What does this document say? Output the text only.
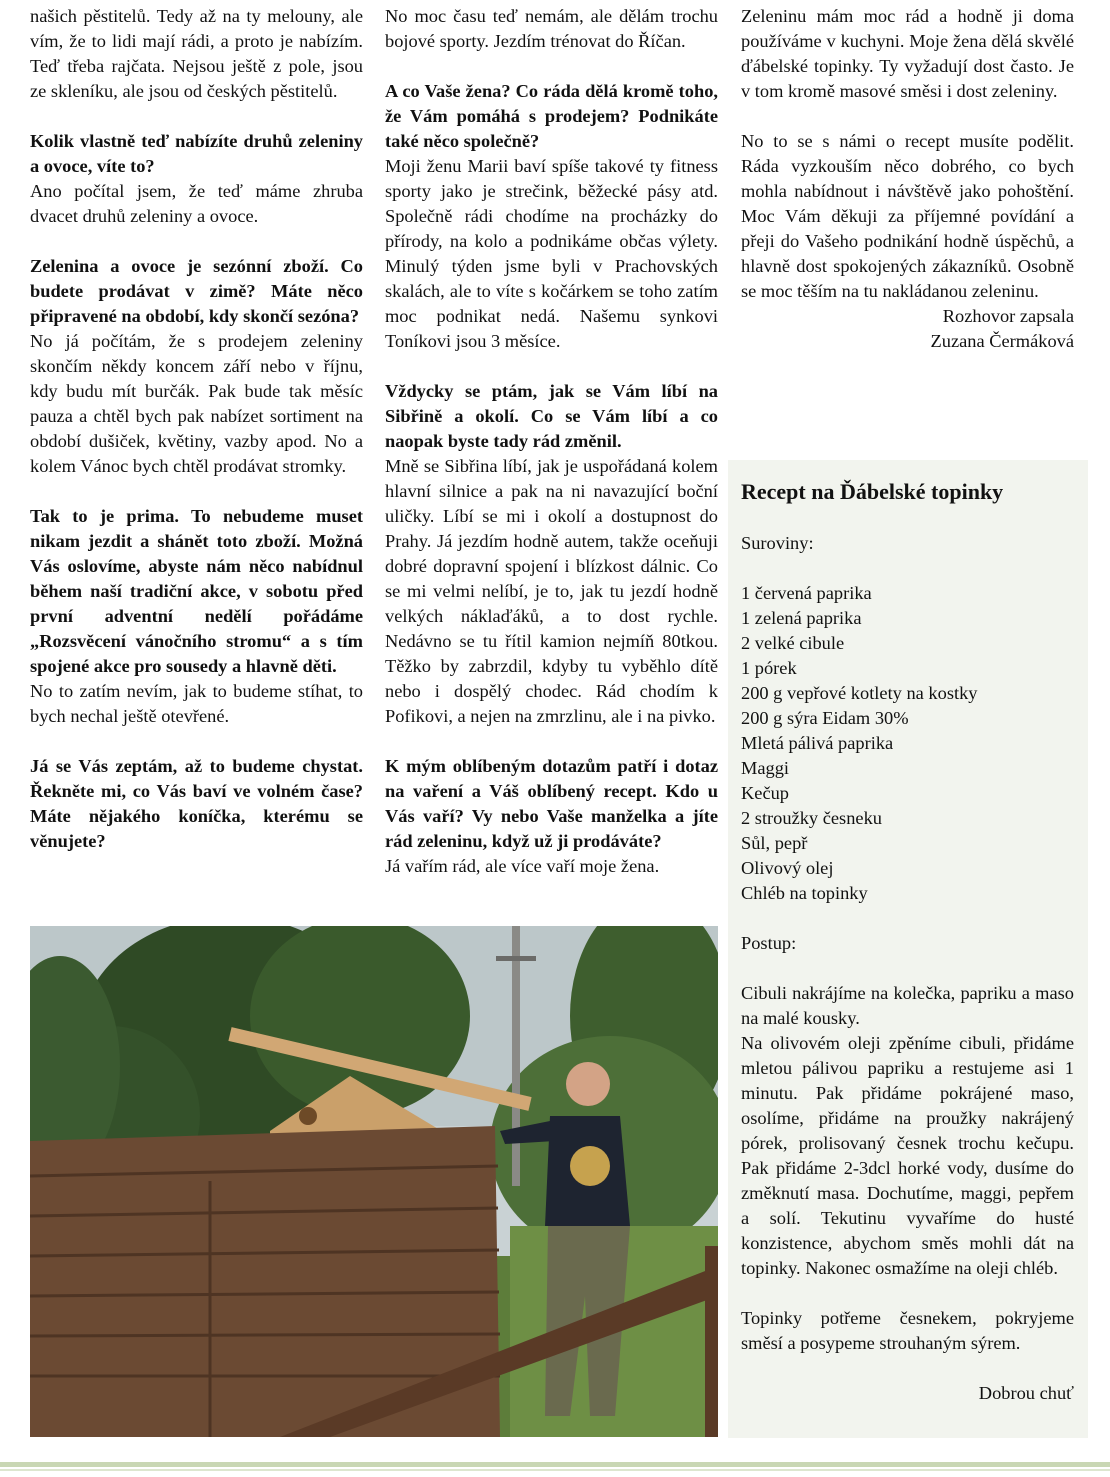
našich pěstitelů. Tedy až na ty melouny, ale vím, že to lidi mají rádi, a proto je nabízím. Teď třeba rajčata. Nejsou ještě z pole, jsou ze skleníku, ale jsou od českých pěstitelů.

Kolik vlastně teď nabízíte druhů zeleniny a ovoce, víte to?

Ano počítal jsem, že teď máme zhruba dvacet druhů zeleniny a ovoce.

Zelenina a ovoce je sezónní zboží. Co budete prodávat v zimě? Máte něco připravené na období, kdy skončí sezóna?

No já počítám, že s prodejem zeleniny skončím někdy koncem září nebo v říjnu, kdy budu mít burčák. Pak bude tak měsíc pauza a chtěl bych pak nabízet sortiment na období dušiček, květiny, vazby apod. No a kolem Vánoc bych chtěl prodávat stromky.

Tak to je prima. To nebudeme muset nikam jezdit a shánět toto zboží. Možná Vás oslovíme, abyste nám něco nabídnul během naší tradiční akce, v sobotu před první adventní nedělí pořádáme „Rozsvěcení vánočního stromu“ a s tím spojené akce pro sousedy a hlavně děti.

No to zatím nevím, jak to budeme stíhat, to bych nechal ještě otevřené.

Já se Vás zeptám, až to budeme chystat. Řekněte mi, co Vás baví ve volném čase? Máte nějakého koníčka, kterému se věnujete?

No moc času teď nemám, ale dělám trochu bojové sporty. Jezdím trénovat do Říčan.

A co Vaše žena? Co ráda dělá kromě toho, že Vám pomáhá s prodejem? Podnikáte také něco společně?

Moji ženu Marii baví spíše takové ty fitness sporty jako je strečink, běžecké pásy atd. Společně rádi chodíme na procházky do přírody, na kolo a podnikáme občas výlety. Minulý týden jsme byli v Prachovských skalách, ale to víte s kočárkem se toho zatím moc podnikat nedá. Našemu synkovi Toníkovi jsou 3 měsíce.

Vždycky se ptám, jak se Vám líbí na Sibřině a okolí. Co se Vám líbí a co naopak byste tady rád změnil.

Mně se Sibřina líbí, jak je uspořádaná kolem hlavní silnice a pak na ni navazující boční uličky. Líbí se mi i okolí a dostupnost do Prahy. Já jezdím hodně autem, takže oceňuji dobré dopravní spojení i blízkost dálnic. Co se mi velmi nelíbí, je to, jak tu jezdí hodně velkých náklaďáků, a to dost rychle. Nedávno se tu řítil kamion nejmíň 80tkou. Těžko by zabrzdil, kdyby tu vyběhlo dítě nebo i dospělý chodec. Rád chodím k Pofikovi, a nejen na zmrzlinu, ale i na pivko.

K mým oblíbeným dotazům patří i dotaz na vaření a Váš oblíbený recept. Kdo u Vás vaří? Vy nebo Vaše manželka a jíte rád zeleninu, když už ji prodáváte?

Já vařím rád, ale více vaří moje žena.

Zeleninu mám moc rád a hodně ji doma používáme v kuchyni. Moje žena dělá skvělé ďábelské topinky. Ty vyžadují dost často. Je v tom kromě masové směsi i dost zeleniny.

No to se s námi o recept musíte podělit. Ráda vyzkouším něco dobrého, co bych mohla nabídnout i návštěvě jako pohoštění. Moc Vám děkuji za příjemné povídání a přeji do Vašeho podnikání hodně úspěchů, a hlavně dost spokojených zákazníků. Osobně se moc těším na tu nakládanou zeleninu.

Rozhovor zapsala

Zuzana Čermáková

Recept na Ďábelské topinky

Suroviny:

1 červená paprika
1 zelená paprika
2 velké cibule
1 pórek
200 g vepřové kotlety na kostky
200 g sýra Eidam 30%
Mletá pálivá paprika
Maggi
Kečup
2 stroužky česneku
Sůl, pepř
Olivový olej
Chléb na topinky

Postup:

Cibuli nakrájíme na kolečka, papriku a maso na malé kousky.

Na olivovém oleji zpěníme cibuli, přidáme mletou pálivou papriku a restujeme asi 1 minutu. Pak přidáme pokrájené maso, osolíme, přidáme na proužky nakrájený pórek, prolisovaný česnek trochu kečupu. Pak přidáme 2-3dcl horké vody, dusíme do změknutí masa. Dochutíme, maggi, pepřem a solí. Tekutinu vyvaříme do husté konzistence, abychom směs mohli dát na topinky. Nakonec osmažíme na oleji chléb.

Topinky potřeme česnekem, pokryjeme směsí a posypeme strouhaným sýrem.

Dobrou chuť
